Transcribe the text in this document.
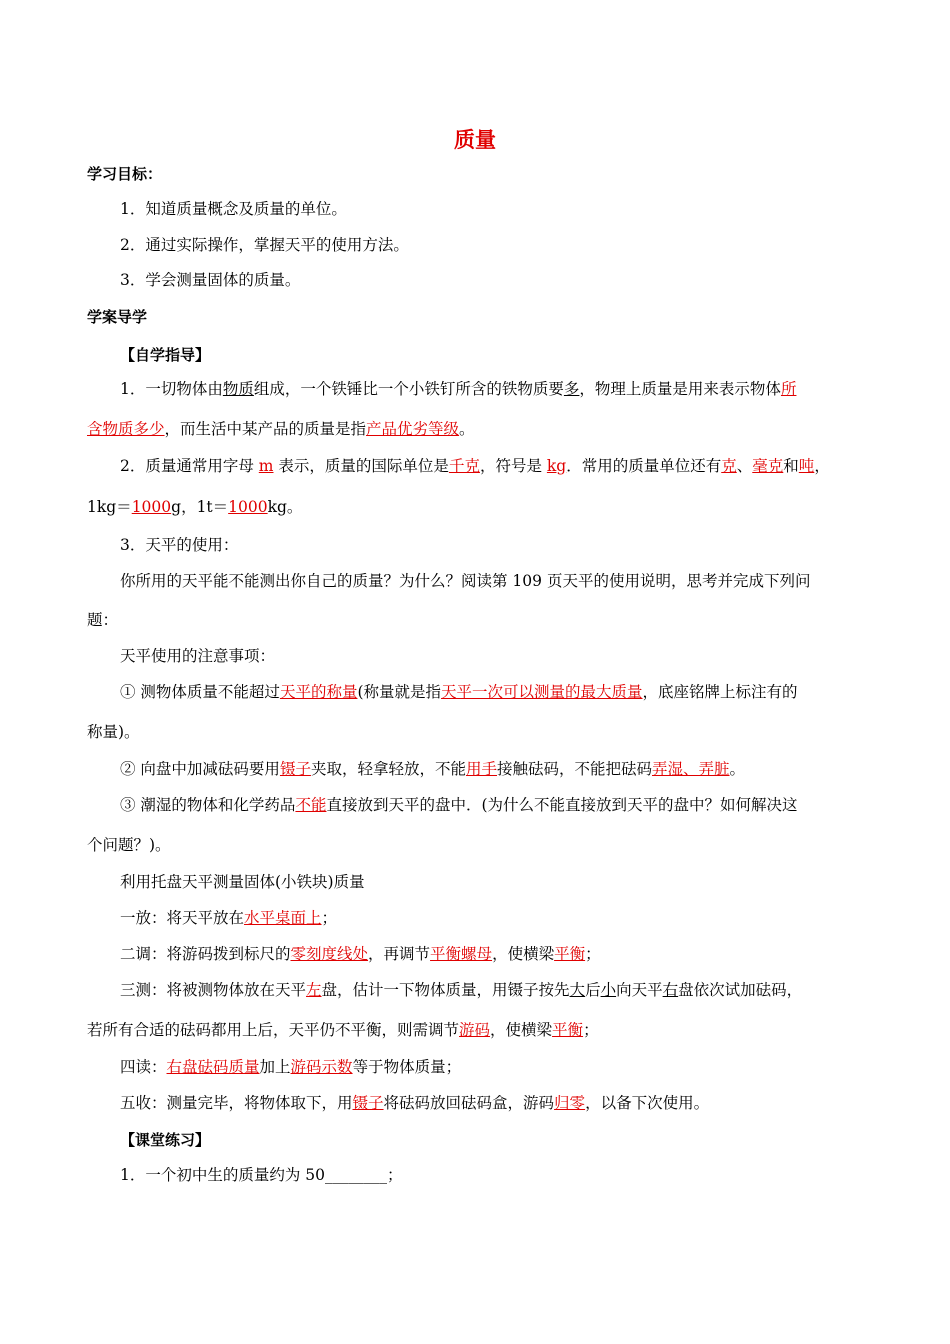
质量
学习目标：
1．知道质量概念及质量的单位。
2．通过实际操作，掌握天平的使用方法。
3．学会测量固体的质量。
学案导学
【自学指导】
1．一切物体由物质组成，一个铁锤比一个小铁钉所含的铁物质要多，物理上质量是用来表示物体所
含物质多少，而生活中某产品的质量是指产品优劣等级。
2．质量通常用字母 m 表示，质量的国际单位是千克，符号是 kg．常用的质量单位还有克、毫克和吨，
1kg＝1000g，1t＝1000kg。
3．天平的使用：
你所用的天平能不能测出你自己的质量？为什么？阅读第 109 页天平的使用说明，思考并完成下列问
题：
天平使用的注意事项：
① 测物体质量不能超过天平的称量(称量就是指天平一次可以测量的最大质量，底座铭牌上标注有的
称量)。
② 向盘中加减砝码要用镊子夹取，轻拿轻放，不能用手接触砝码，不能把砝码弄湿、弄脏。
③ 潮湿的物体和化学药品不能直接放到天平的盘中．(为什么不能直接放到天平的盘中？如何解决这
个问题？)。
利用托盘天平测量固体(小铁块)质量
一放：将天平放在水平桌面上；
二调：将游码拨到标尺的零刻度线处，再调节平衡螺母，使横梁平衡；
三测：将被测物体放在天平左盘，估计一下物体质量，用镊子按先大后小向天平右盘依次试加砝码，
若所有合适的砝码都用上后，天平仍不平衡，则需调节游码，使横梁平衡；
四读：右盘砝码质量加上游码示数等于物体质量；
五收：测量完毕，将物体取下，用镊子将砝码放回砝码盒，游码归零，以备下次使用。
【课堂练习】
1．一个初中生的质量约为 50________；
